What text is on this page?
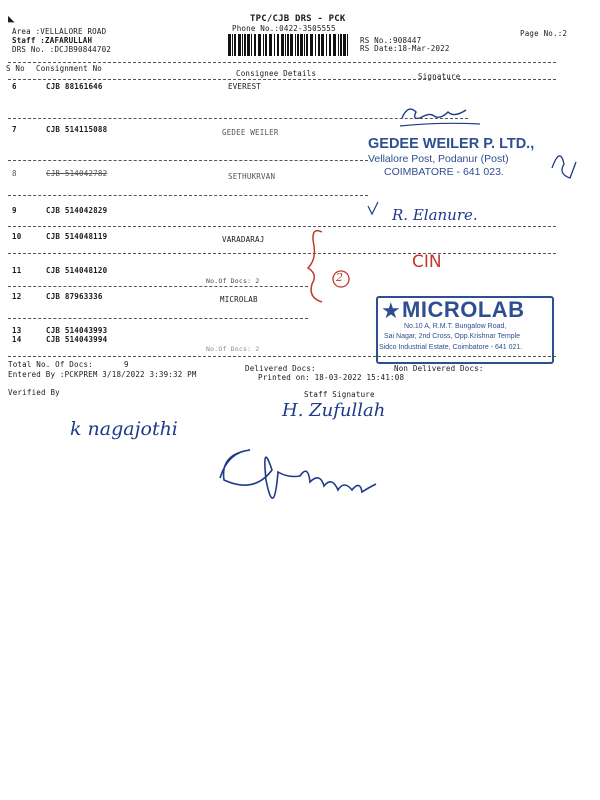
◣	TPC/CJB DRS - PCK
Phone No.:0422-3505555
Area :VELLALORE ROAD
Staff :ZAFARULLAH
DRS No. :DCJB90844702
RS No.:908447
RS Date:18-Mar-2022
Page No.:2
S No Consignment No
Consignee Details	Signature
6	CJB 88161646	EVEREST
7	CJB 514115088	GEDEE WEILER
8	CJB 514042782	SETHUKRVAN
9	CJB 514042829
10	CJB 514048119	VARADARAJ
11	CJB 514048120
No.Of Docs: 2
12	CJB 87963336	MICROLAB
13	CJB 514043993
14	CJB 514043994
No.Of Docs: 2
Total No. Of Docs:	9	Delivered Docs:	Non Delivered Docs:
Entered By :PCKPREM 3/18/2022 3:39:32 PM	Printed on: 18-03-2022 15:41:08
Verified By	Staff Signature
GEDEE WEILER P. LTD.,
Vellalore Post, Podanur (Post)
COIMBATORE - 641 023.
★ MICROLAB
No.10 A, R.M.T. Bungalow Road,
Sai Nagar, 2nd Cross, Opp.Krishnar Temple
Sidco Industrial Estate, Coimbatore - 641 021.
R. Elanure.
CIN
2
k nagajothi
H. Zufullah
